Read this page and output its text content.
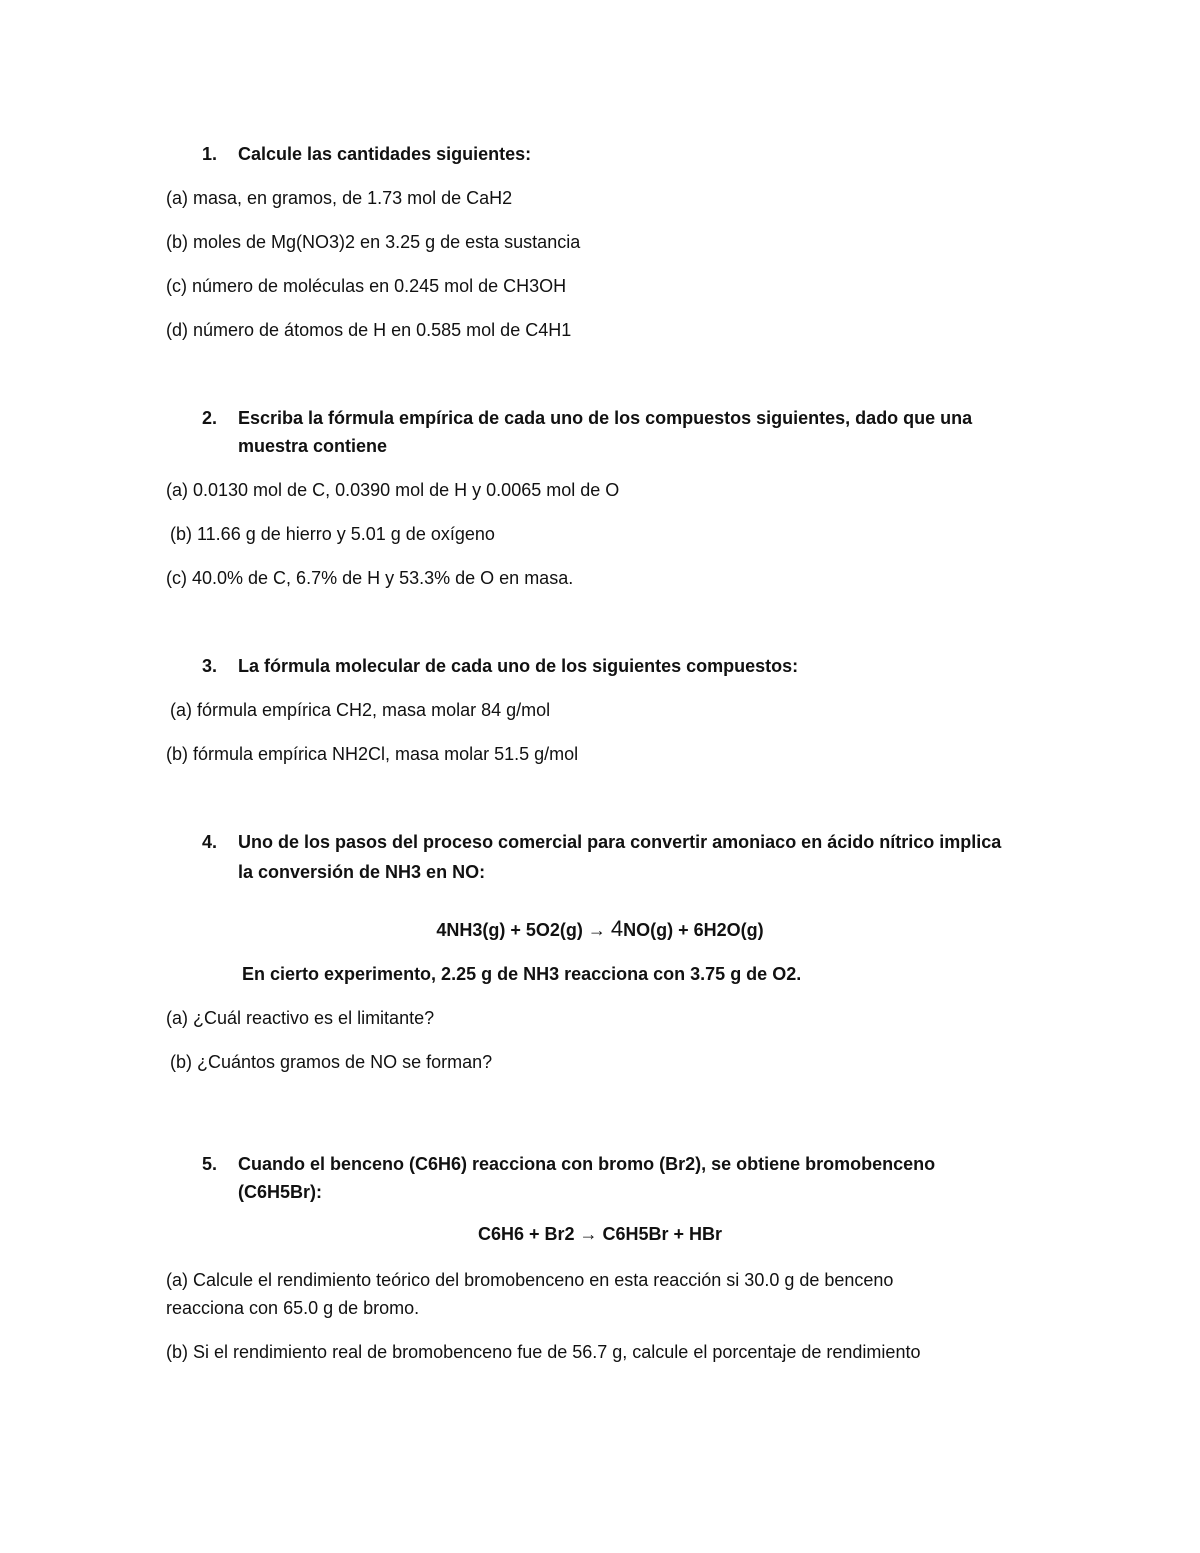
1. Calcule las cantidades siguientes:
(a) masa, en gramos, de 1.73 mol de CaH2
(b) moles de Mg(NO3)2 en 3.25 g de esta sustancia
(c) número de moléculas en 0.245 mol de CH3OH
(d) número de átomos de H en 0.585 mol de C4H1
2. Escriba la fórmula empírica de cada uno de los compuestos siguientes, dado que una
muestra contiene
(a) 0.0130 mol de C, 0.0390 mol de H y 0.0065 mol de O
(b) 11.66 g de hierro y 5.01 g de oxígeno
(c) 40.0% de C, 6.7% de H y 53.3% de O en masa.
3. La fórmula molecular de cada uno de los siguientes compuestos:
(a) fórmula empírica CH2, masa molar 84 g/mol
(b) fórmula empírica NH2Cl, masa molar 51.5 g/mol
4. Uno de los pasos del proceso comercial para convertir amoniaco en ácido nítrico implica
la conversión de NH3 en NO:
4NH3(g) + 5O2(g) → 4NO(g) + 6H2O(g)
En cierto experimento, 2.25 g de NH3 reacciona con 3.75 g de O2.
(a) ¿Cuál reactivo es el limitante?
(b) ¿Cuántos gramos de NO se forman?
5. Cuando el benceno (C6H6) reacciona con bromo (Br2), se obtiene bromobenceno
(C6H5Br):
C6H6 + Br2 → C6H5Br + HBr
(a) Calcule el rendimiento teórico del bromobenceno en esta reacción si 30.0 g de benceno
reacciona con 65.0 g de bromo.
(b) Si el rendimiento real de bromobenceno fue de 56.7 g, calcule el porcentaje de rendimiento
